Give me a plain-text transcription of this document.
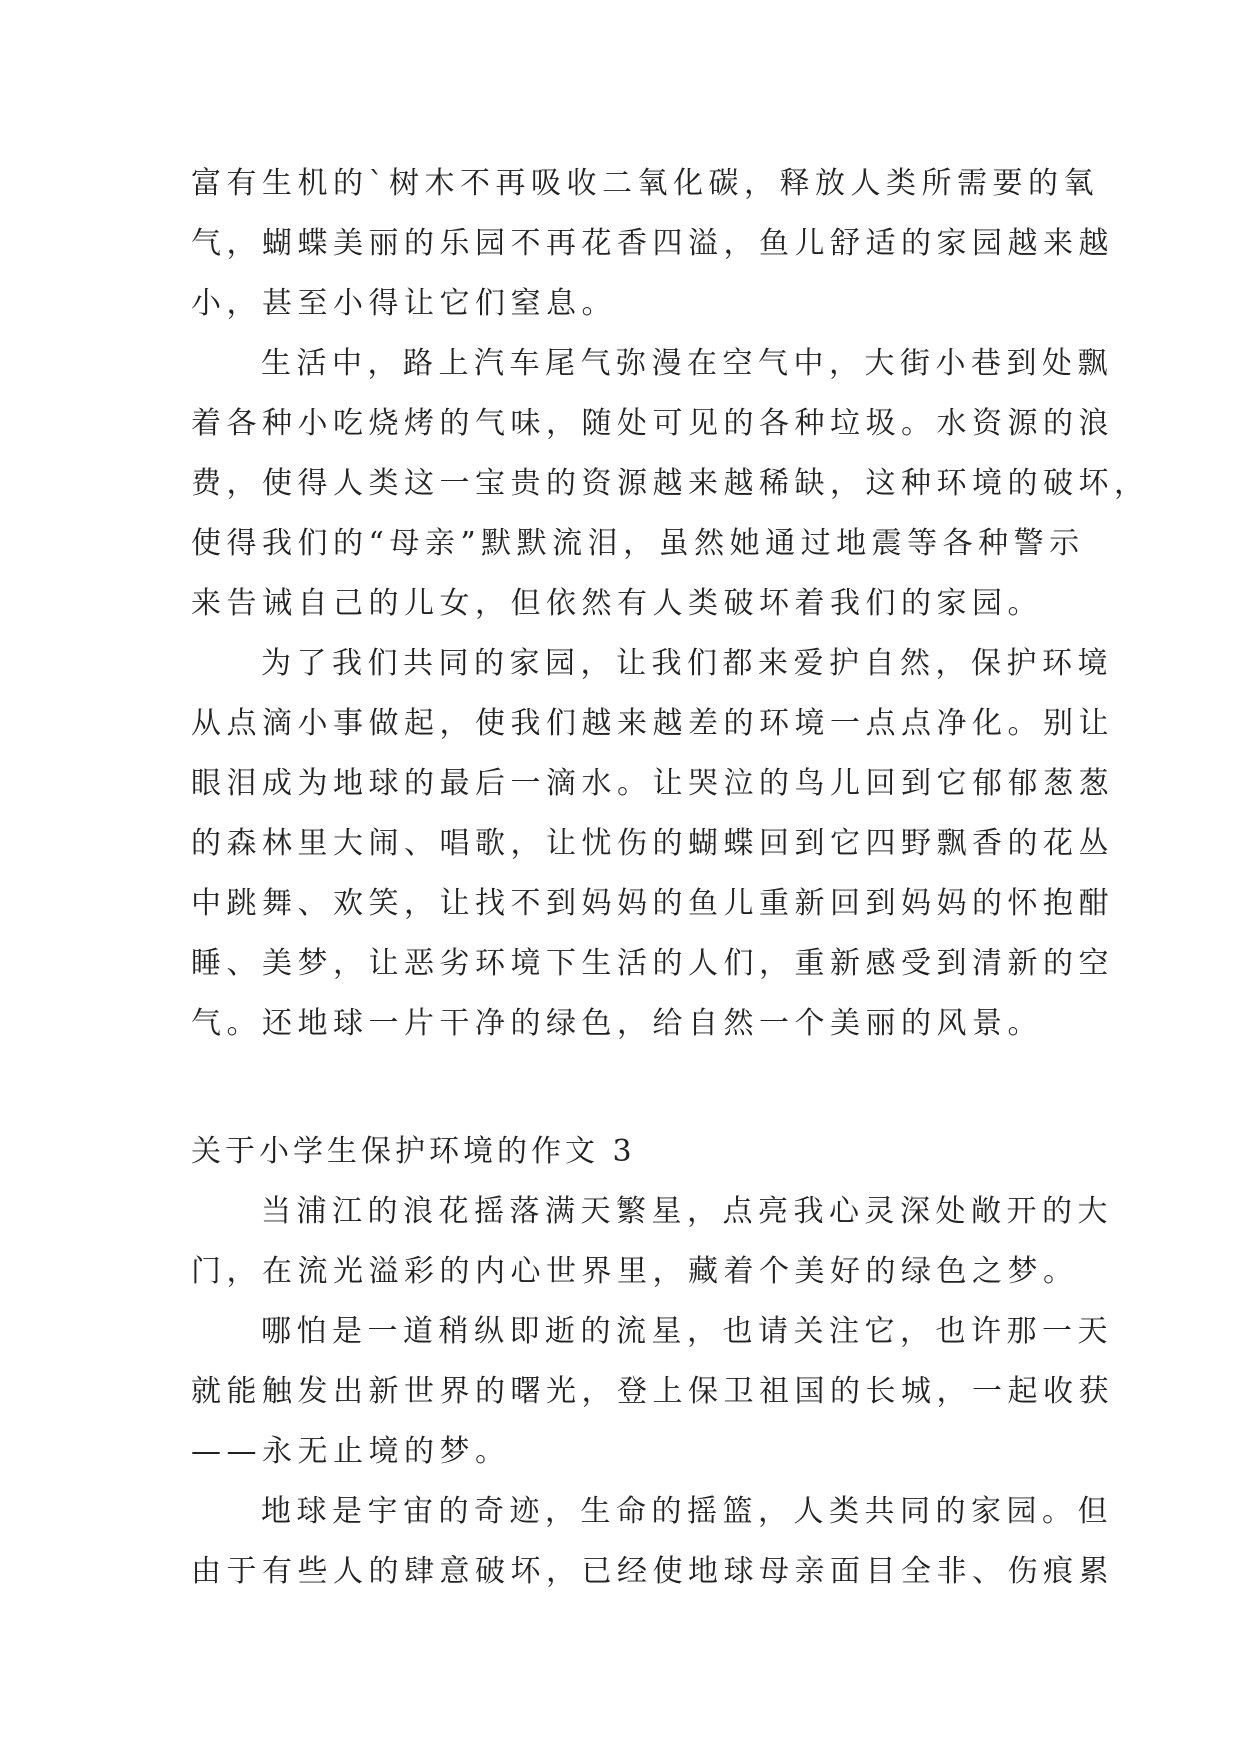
富有生机的`树木不再吸收二氧化碳，释放人类所需要的氧
气，蝴蝶美丽的乐园不再花香四溢，鱼儿舒适的家园越来越
小，甚至小得让它们窒息。
生活中，路上汽车尾气弥漫在空气中，大街小巷到处飘
着各种小吃烧烤的气味，随处可见的各种垃圾。水资源的浪
费，使得人类这一宝贵的资源越来越稀缺，这种环境的破坏，
使得我们的“母亲”默默流泪，虽然她通过地震等各种警示
来告诫自己的儿女，但依然有人类破坏着我们的家园。
为了我们共同的家园，让我们都来爱护自然，保护环境
从点滴小事做起，使我们越来越差的环境一点点净化。别让
眼泪成为地球的最后一滴水。让哭泣的鸟儿回到它郁郁葱葱
的森林里大闹、唱歌，让忧伤的蝴蝶回到它四野飘香的花丛
中跳舞、欢笑，让找不到妈妈的鱼儿重新回到妈妈的怀抱酣
睡、美梦，让恶劣环境下生活的人们，重新感受到清新的空
气。还地球一片干净的绿色，给自然一个美丽的风景。
关于小学生保护环境的作文 3
当浦江的浪花摇落满天繁星，点亮我心灵深处敞开的大
门，在流光溢彩的内心世界里，藏着个美好的绿色之梦。
哪怕是一道稍纵即逝的流星，也请关注它，也许那一天
就能触发出新世界的曙光，登上保卫祖国的长城，一起收获
——永无止境的梦。
地球是宇宙的奇迹，生命的摇篮，人类共同的家园。但
由于有些人的肆意破坏，已经使地球母亲面目全非、伤痕累
